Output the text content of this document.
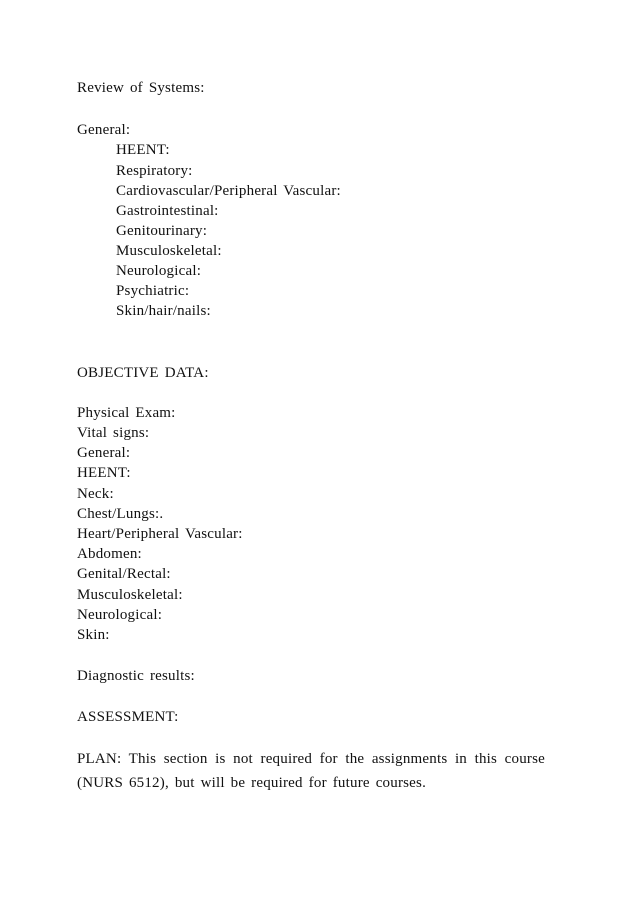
Review of Systems:
General:
HEENT:
Respiratory:
Cardiovascular/Peripheral Vascular:
Gastrointestinal:
Genitourinary:
Musculoskeletal:
Neurological:
Psychiatric:
Skin/hair/nails:
OBJECTIVE DATA:
Physical Exam:
Vital signs:
General:
HEENT:
Neck:
Chest/Lungs:.
Heart/Peripheral Vascular:
Abdomen:
Genital/Rectal:
Musculoskeletal:
Neurological:
Skin:
Diagnostic results:
ASSESSMENT:
PLAN: This section is not required for the assignments in this course (NURS 6512), but will be required for future courses.
